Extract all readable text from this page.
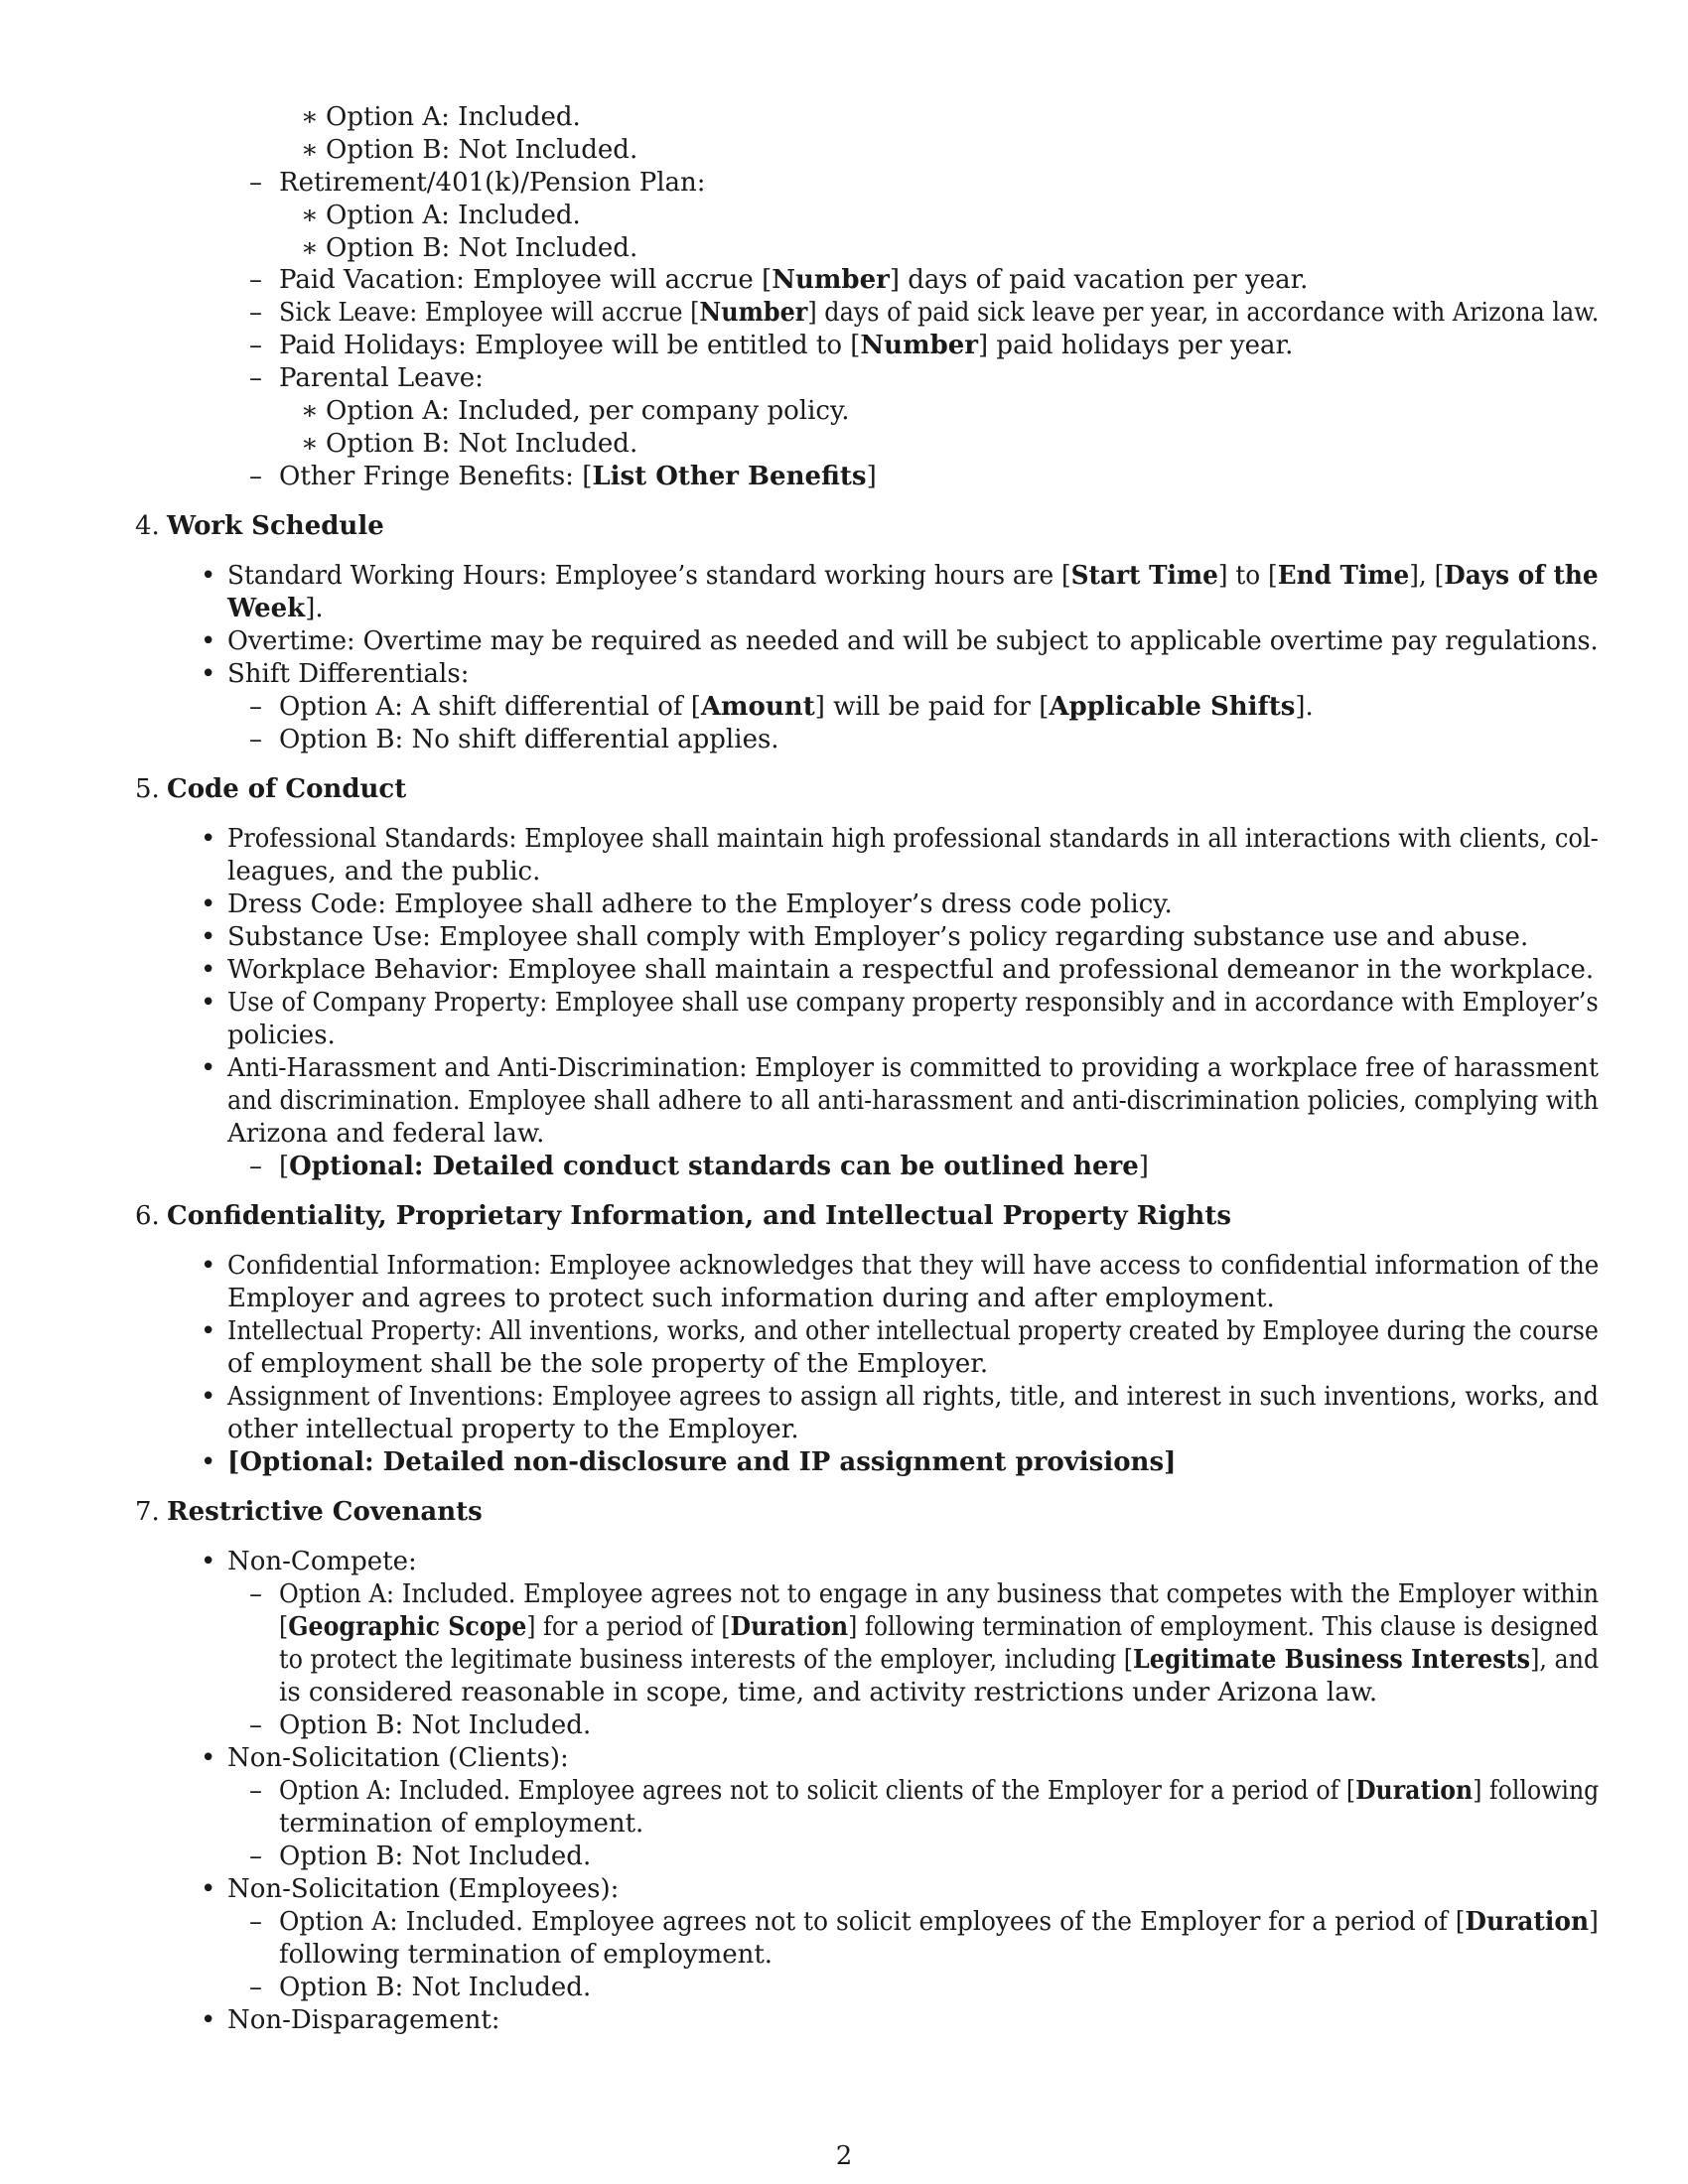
∗ Option A: Included.
∗ Option B: Not Included.
– Retirement/401(k)/Pension Plan:
∗ Option A: Included.
∗ Option B: Not Included.
– Paid Vacation: Employee will accrue [Number] days of paid vacation per year.
– Sick Leave: Employee will accrue [Number] days of paid sick leave per year, in accordance with Arizona law.
– Paid Holidays: Employee will be entitled to [Number] paid holidays per year.
– Parental Leave:
∗ Option A: Included, per company policy.
∗ Option B: Not Included.
– Other Fringe Benefits: [List Other Benefits]
4. Work Schedule
• Standard Working Hours: Employee’s standard working hours are [Start Time] to [End Time], [Days of the
Week].
• Overtime: Overtime may be required as needed and will be subject to applicable overtime pay regulations.
• Shift Differentials:
– Option A: A shift differential of [Amount] will be paid for [Applicable Shifts].
– Option B: No shift differential applies.
5. Code of Conduct
• Professional Standards: Employee shall maintain high professional standards in all interactions with clients, col-
leagues, and the public.
• Dress Code: Employee shall adhere to the Employer’s dress code policy.
• Substance Use: Employee shall comply with Employer’s policy regarding substance use and abuse.
• Workplace Behavior: Employee shall maintain a respectful and professional demeanor in the workplace.
• Use of Company Property: Employee shall use company property responsibly and in accordance with Employer’s
policies.
• Anti-Harassment and Anti-Discrimination: Employer is committed to providing a workplace free of harassment
and discrimination. Employee shall adhere to all anti-harassment and anti-discrimination policies, complying with
Arizona and federal law.
– [Optional: Detailed conduct standards can be outlined here]
6. Confidentiality, Proprietary Information, and Intellectual Property Rights
• Confidential Information: Employee acknowledges that they will have access to confidential information of the
Employer and agrees to protect such information during and after employment.
• Intellectual Property: All inventions, works, and other intellectual property created by Employee during the course
of employment shall be the sole property of the Employer.
• Assignment of Inventions: Employee agrees to assign all rights, title, and interest in such inventions, works, and
other intellectual property to the Employer.
• [Optional: Detailed non-disclosure and IP assignment provisions]
7. Restrictive Covenants
• Non-Compete:
– Option A: Included. Employee agrees not to engage in any business that competes with the Employer within
[Geographic Scope] for a period of [Duration] following termination of employment. This clause is designed
to protect the legitimate business interests of the employer, including [Legitimate Business Interests], and
is considered reasonable in scope, time, and activity restrictions under Arizona law.
– Option B: Not Included.
• Non-Solicitation (Clients):
– Option A: Included. Employee agrees not to solicit clients of the Employer for a period of [Duration] following
termination of employment.
– Option B: Not Included.
• Non-Solicitation (Employees):
– Option A: Included. Employee agrees not to solicit employees of the Employer for a period of [Duration]
following termination of employment.
– Option B: Not Included.
• Non-Disparagement:
2
